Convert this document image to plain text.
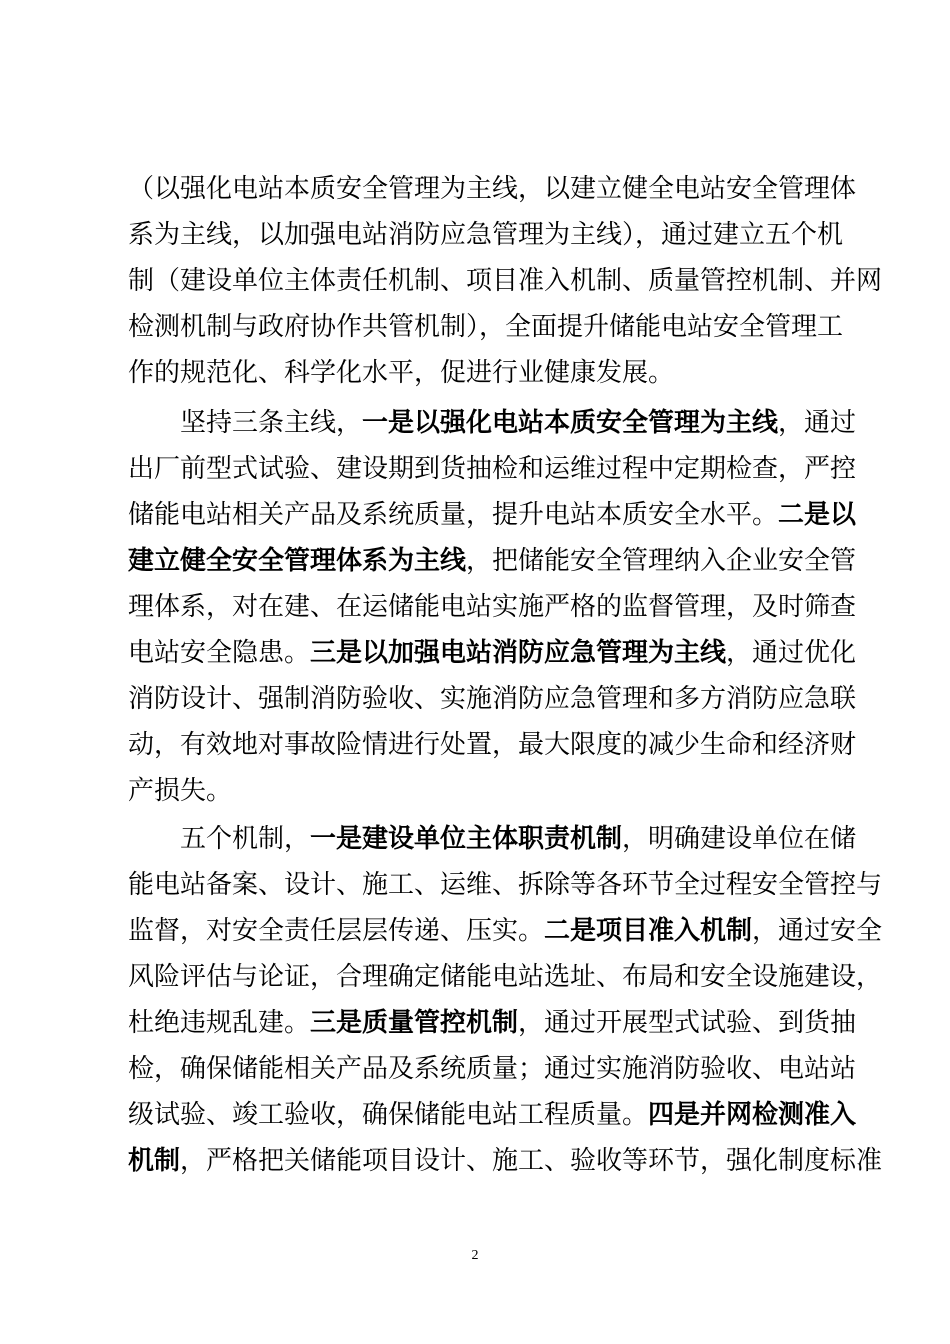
（以强化电站本质安全管理为主线，以建立健全电站安全管理体
系为主线，以加强电站消防应急管理为主线），通过建立五个机
制（建设单位主体责任机制、项目准入机制、质量管控机制、并网
检测机制与政府协作共管机制），全面提升储能电站安全管理工
作的规范化、科学化水平，促进行业健康发展。
坚持三条主线，一是以强化电站本质安全管理为主线，通过
出厂前型式试验、建设期到货抽检和运维过程中定期检查，严控
储能电站相关产品及系统质量，提升电站本质安全水平。二是以
建立健全安全管理体系为主线，把储能安全管理纳入企业安全管
理体系，对在建、在运储能电站实施严格的监督管理，及时筛查
电站安全隐患。三是以加强电站消防应急管理为主线，通过优化
消防设计、强制消防验收、实施消防应急管理和多方消防应急联
动，有效地对事故险情进行处置，最大限度的减少生命和经济财
产损失。
五个机制，一是建设单位主体职责机制，明确建设单位在储
能电站备案、设计、施工、运维、拆除等各环节全过程安全管控与
监督，对安全责任层层传递、压实。二是项目准入机制，通过安全
风险评估与论证，合理确定储能电站选址、布局和安全设施建设，
杜绝违规乱建。三是质量管控机制，通过开展型式试验、到货抽
检，确保储能相关产品及系统质量；通过实施消防验收、电站站
级试验、竣工验收，确保储能电站工程质量。四是并网检测准入
机制，严格把关储能项目设计、施工、验收等环节，强化制度标准
2
